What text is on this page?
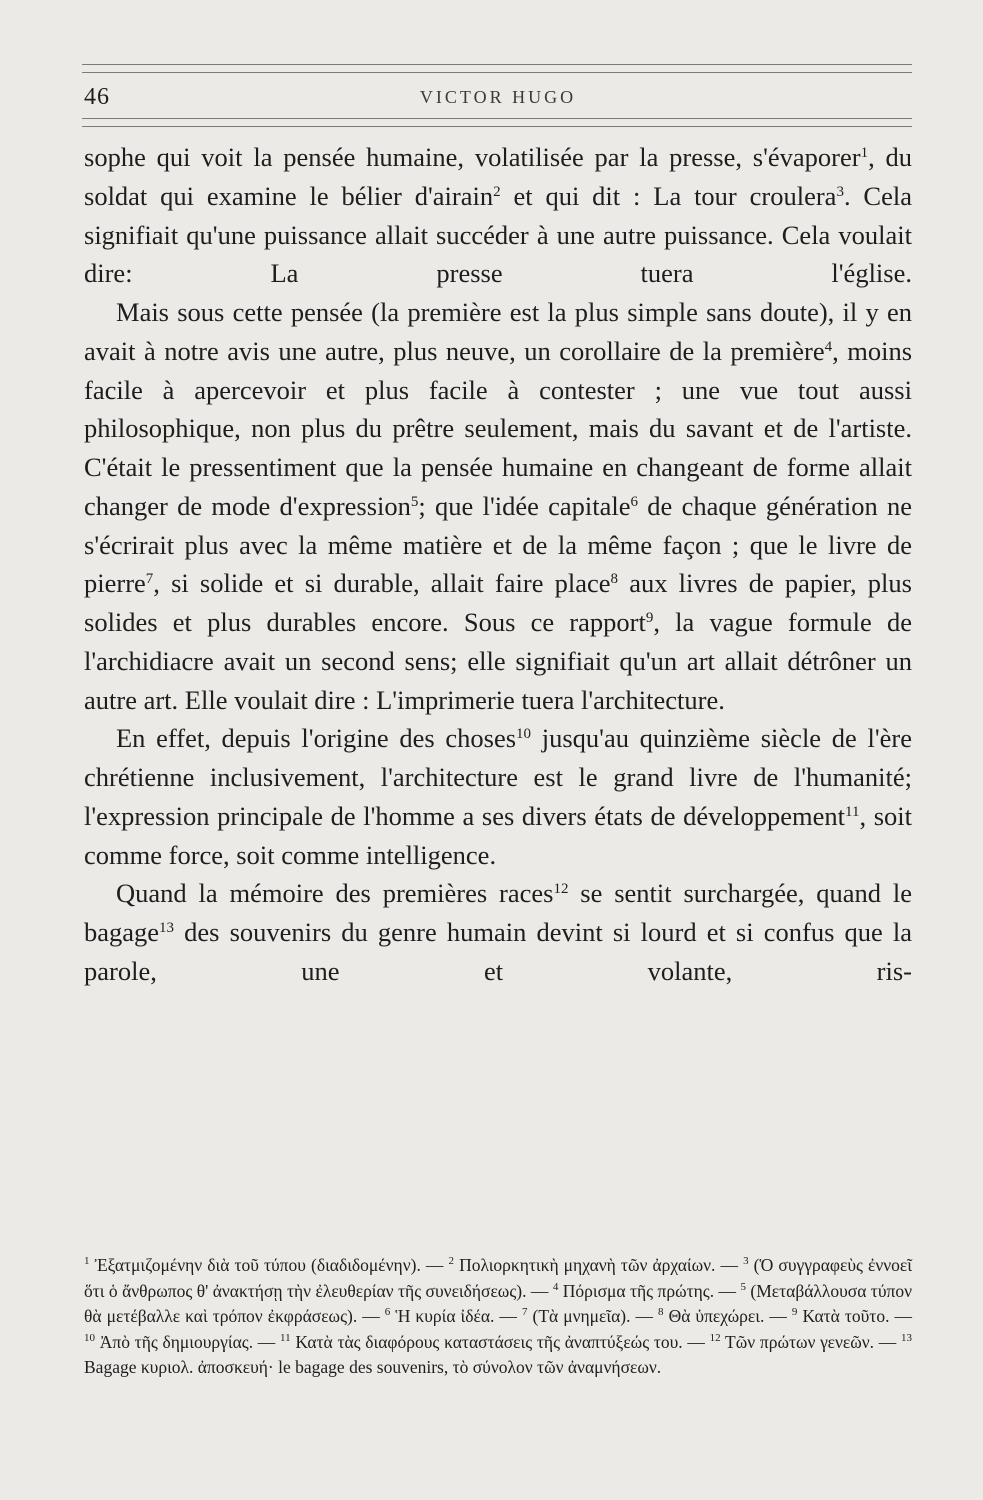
46	VICTOR HUGO

sophe qui voit la pensée humaine, volatilisée par la presse, s'évaporer$^1$, du soldat qui examine le bélier d'airain$^2$ et qui dit : La tour croulera$^3$. Cela signifiait qu'une puissance allait succéder à une autre puissance. Cela voulait dire: La presse tuera l'église.

Mais sous cette pensée (la première est la plus simple sans doute), il y en avait à notre avis une autre, plus neuve, un corollaire de la première$^4$, moins facile à apercevoir et plus facile à contester ; une vue tout aussi philosophique, non plus du prêtre seulement, mais du savant et de l'artiste. C'était le pressentiment que la pensée humaine en changeant de forme allait changer de mode d'expression$^5$; que l'idée capitale$^6$ de chaque génération ne s'écrirait plus avec la même matière et de la même façon ; que le livre de pierre$^7$, si solide et si durable, allait faire place$^8$ aux livres de papier, plus solides et plus durables encore. Sous ce rapport$^9$, la vague formule de l'archidiacre avait un second sens; elle signifiait qu'un art allait détrôner un autre art. Elle voulait dire : L'imprimerie tuera l'architecture.

En effet, depuis l'origine des choses$^{10}$ jusqu'au quinzième siècle de l'ère chrétienne inclusivement, l'architecture est le grand livre de l'humanité; l'expression principale de l'homme a ses divers états de développement$^{11}$, soit comme force, soit comme intelligence.

Quand la mémoire des premières races$^{12}$ se sentit surchargée, quand le bagage$^{13}$ des souvenirs du genre humain devint si lourd et si confus que la parole, une et volante, ris-

$^1$ Ἐξατμιζομένην διὰ τοῦ τύπου (διαδιδομένην). — $^2$ Πολιορκητικὴ μηχανὴ τῶν ἀρχαίων. — $^3$ (Ὁ συγγραφεὺς ἐννοεῖ ὅτι ὁ ἄνθρωπος θ' ἀνακτήσῃ τὴν ἐλευθερίαν τῆς συνειδήσεως). — $^4$ Πόρισμα τῆς πρώτης. — $^5$ (Μεταβάλλουσα τύπον θὰ μετέβαλλε καὶ τρόπον ἐκφράσεως). — $^6$ Ἡ κυρία ἰδέα. — $^7$ (Τὰ μνημεῖα). — $^8$ Θὰ ὑπεχώρει. — $^9$ Κατὰ τοῦτο. — $^{10}$ Ἀπὸ τῆς δημιουργίας. — $^{11}$ Κατὰ τὰς διαφόρους καταστάσεις τῆς ἀναπτύξεώς του. — $^{12}$ Τῶν πρώτων γενεῶν. — $^{13}$ Bagage κυριολ. ἀποσκευή· le bagage des souvenirs, τὸ σύνολον τῶν ἀναμνήσεων.
